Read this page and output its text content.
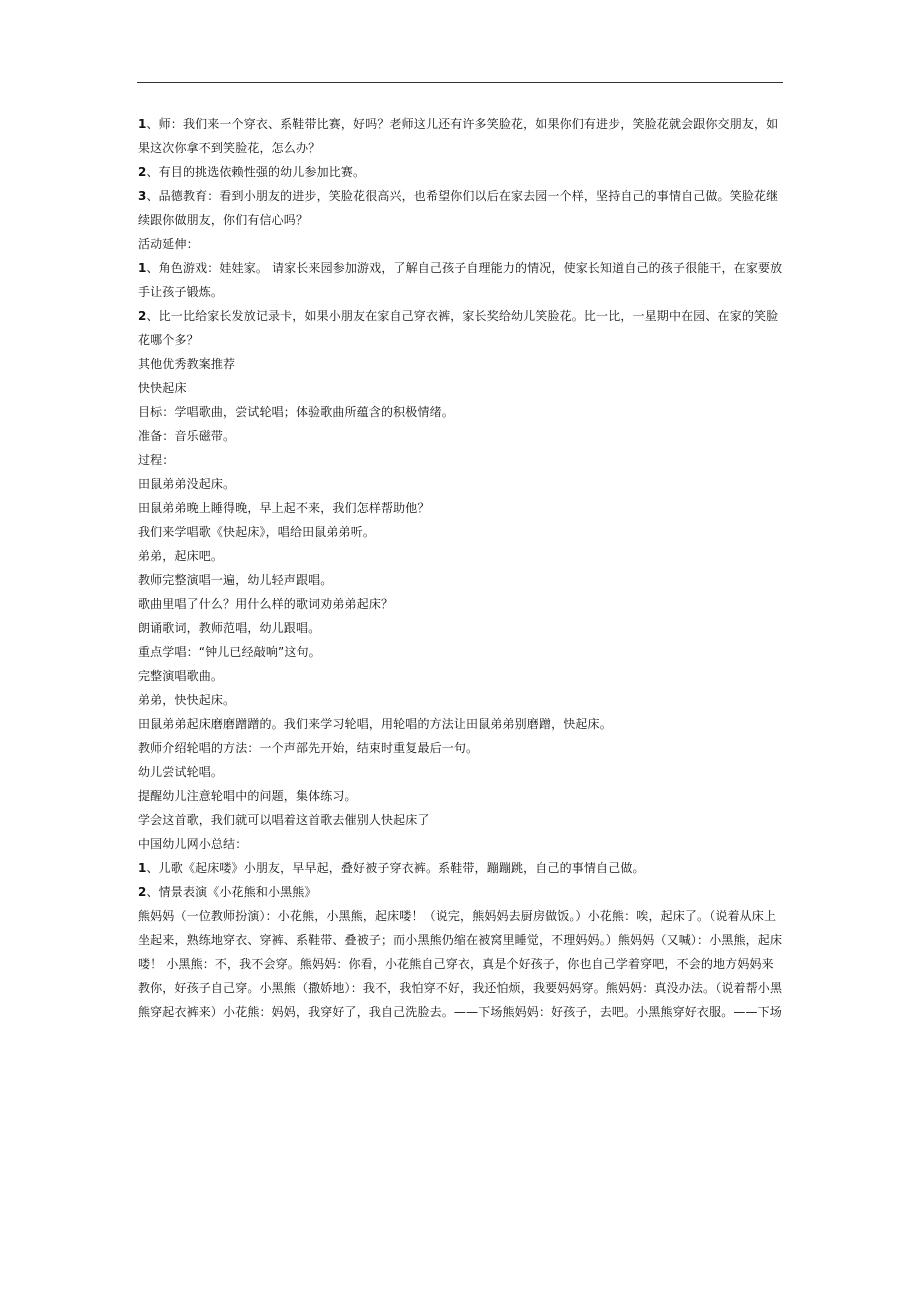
1、师：我们来一个穿衣、系鞋带比赛，好吗？老师这儿还有许多笑脸花，如果你们有进步，笑脸花就会跟你交朋友，如果这次你拿不到笑脸花，怎么办？

2、有目的挑选依赖性强的幼儿参加比赛。

3、品德教育：看到小朋友的进步，笑脸花很高兴，也希望你们以后在家去园一个样，坚持自己的事情自己做。笑脸花继续跟你做朋友，你们有信心吗？

活动延伸：

1、角色游戏：娃娃家。 请家长来园参加游戏，了解自己孩子自理能力的情况，使家长知道自己的孩子很能干，在家要放手让孩子锻炼。

2、比一比给家长发放记录卡，如果小朋友在家自己穿衣裤，家长奖给幼儿笑脸花。比一比，一星期中在园、在家的笑脸花哪个多？

其他优秀教案推荐

快快起床

目标：学唱歌曲，尝试轮唱；体验歌曲所蕴含的积极情绪。

准备：音乐磁带。

过程：

田鼠弟弟没起床。

田鼠弟弟晚上睡得晚，早上起不来，我们怎样帮助他？

我们来学唱歌《快起床》，唱给田鼠弟弟听。

弟弟，起床吧。

教师完整演唱一遍，幼儿轻声跟唱。

歌曲里唱了什么？用什么样的歌词劝弟弟起床？

朗诵歌词，教师范唱，幼儿跟唱。

重点学唱：“钟儿已经敲响”这句。

完整演唱歌曲。

弟弟，快快起床。

田鼠弟弟起床磨磨蹭蹭的。我们来学习轮唱，用轮唱的方法让田鼠弟弟别磨蹭，快起床。

教师介绍轮唱的方法：一个声部先开始，结束时重复最后一句。

幼儿尝试轮唱。

提醒幼儿注意轮唱中的问题，集体练习。

学会这首歌，我们就可以唱着这首歌去催别人快起床了

中国幼儿网小总结：

1、儿歌《起床喽》小朋友，早早起，叠好被子穿衣裤。系鞋带，蹦蹦跳，自己的事情自己做。

2、情景表演《小花熊和小黑熊》

熊妈妈（一位教师扮演）：小花熊，小黑熊，起床喽！（说完，熊妈妈去厨房做饭。）小花熊：唉，起床了。（说着从床上坐起来，熟练地穿衣、穿裤、系鞋带、叠被子；而小黑熊仍缩在被窝里睡觉，不理妈妈。）熊妈妈（又喊）：小黑熊，起床喽！ 小黑熊：不，我不会穿。熊妈妈：你看，小花熊自己穿衣，真是个好孩子，你也自己学着穿吧，不会的地方妈妈来教你，好孩子自己穿。小黑熊（撒娇地）：我不，我怕穿不好，我还怕烦，我要妈妈穿。熊妈妈：真没办法。（说着帮小黑熊穿起衣裤来）小花熊：妈妈，我穿好了，我自己洗脸去。——下场熊妈妈：好孩子，去吧。小黑熊穿好衣服。——下场
